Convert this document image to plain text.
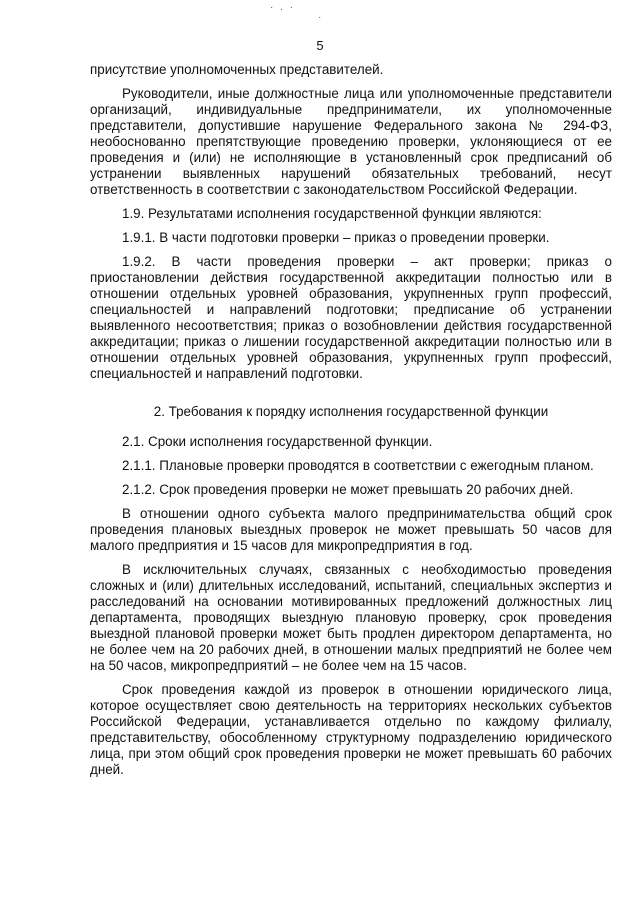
· . ·
·
5

присутствие уполномоченных представителей.

Руководители, иные должностные лица или уполномоченные представители организаций, индивидуальные предприниматели, их уполномоченные представители, допустившие нарушение Федерального закона № 294-ФЗ, необоснованно препятствующие проведению проверки, уклоняющиеся от ее проведения и (или) не исполняющие в установленный срок предписаний об устранении выявленных нарушений обязательных требований, несут ответственность в соответствии с законодательством Российской Федерации.

1.9. Результатами исполнения государственной функции являются:

1.9.1. В части подготовки проверки – приказ о проведении проверки.

1.9.2. В части проведения проверки – акт проверки; приказ о приостановлении действия государственной аккредитации полностью или в отношении отдельных уровней образования, укрупненных групп профессий, специальностей и направлений подготовки; предписание об устранении выявленного несоответствия; приказ о возобновлении действия государственной аккредитации; приказ о лишении государственной аккредитации полностью или в отношении отдельных уровней образования, укрупненных групп профессий, специальностей и направлений подготовки.

2. Требования к порядку исполнения государственной функции

2.1. Сроки исполнения государственной функции.

2.1.1. Плановые проверки проводятся в соответствии с ежегодным планом.

2.1.2. Срок проведения проверки не может превышать 20 рабочих дней.

В отношении одного субъекта малого предпринимательства общий срок проведения плановых выездных проверок не может превышать 50 часов для малого предприятия и 15 часов для микропредприятия в год.

В исключительных случаях, связанных с необходимостью проведения сложных и (или) длительных исследований, испытаний, специальных экспертиз и расследований на основании мотивированных предложений должностных лиц департамента, проводящих выездную плановую проверку, срок проведения выездной плановой проверки может быть продлен директором департамента, но не более чем на 20 рабочих дней, в отношении малых предприятий не более чем на 50 часов, микропредприятий – не более чем на 15 часов.

Срок проведения каждой из проверок в отношении юридического лица, которое осуществляет свою деятельность на территориях нескольких субъектов Российской Федерации, устанавливается отдельно по каждому филиалу, представительству, обособленному структурному подразделению юридического лица, при этом общий срок проведения проверки не может превышать 60 рабочих дней.
